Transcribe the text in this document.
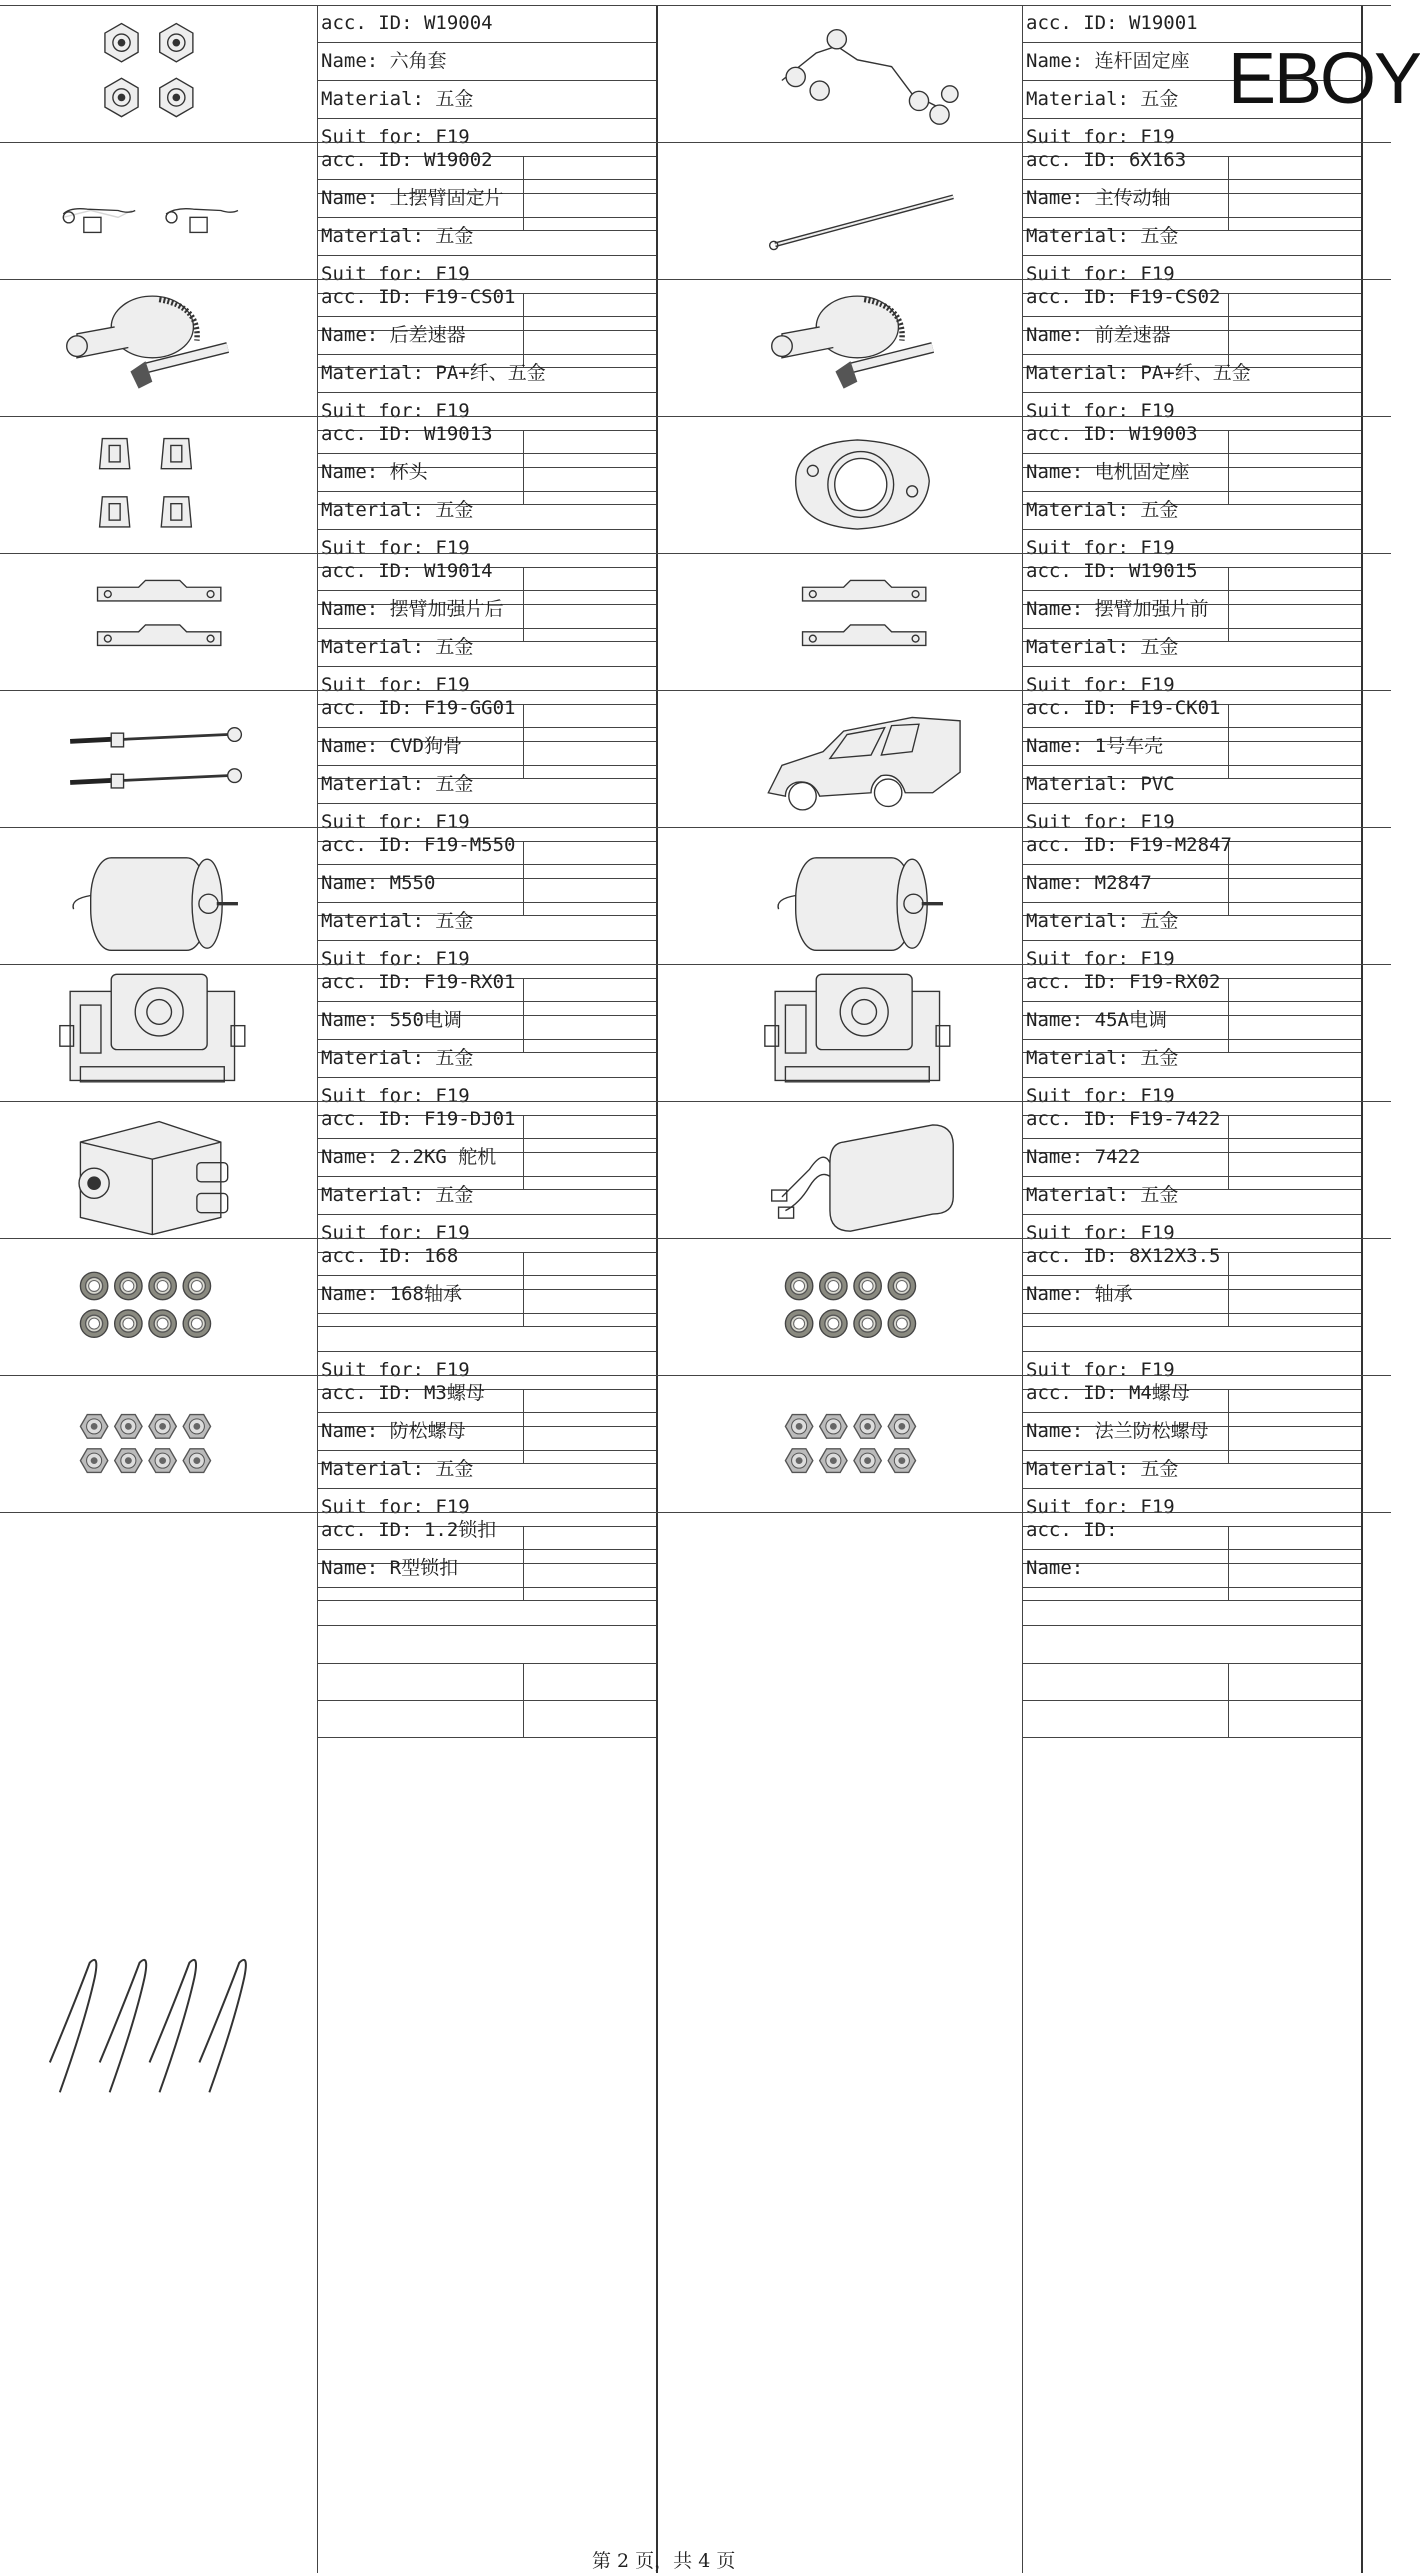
acc. ID: W19004
Name: 六角套
Material: 五金
Suit for: F19
acc. ID: W19001
Name: 连杆固定座
Material: 五金
Suit for: F19
acc. ID: W19002
Name: 上摆臂固定片
Material: 五金
Suit for: F19
acc. ID: 6X163
Name: 主传动轴
Material: 五金
Suit for: F19
acc. ID: F19-CS01
Name: 后差速器
Material: PA+纤、五金
Suit for: F19
acc. ID: F19-CS02
Name: 前差速器
Material: PA+纤、五金
Suit for: F19
acc. ID: W19013
Name: 杯头
Material: 五金
Suit for: F19
acc. ID: W19003
Name: 电机固定座
Material: 五金
Suit for: F19
acc. ID: W19014
Name: 摆臂加强片后
Material: 五金
Suit for: F19
acc. ID: W19015
Name: 摆臂加强片前
Material: 五金
Suit for: F19
acc. ID: F19-GG01
Name: CVD狗骨
Material: 五金
Suit for: F19
acc. ID: F19-CK01
Name: 1号车壳
Material: PVC
Suit for: F19
acc. ID: F19-M550
Name: M550
Material: 五金
Suit for: F19
acc. ID: F19-M2847
Name: M2847
Material: 五金
Suit for: F19
acc. ID: F19-RX01
Name: 550电调
Material: 五金
Suit for: F19
acc. ID: F19-RX02
Name: 45A电调
Material: 五金
Suit for: F19
acc. ID: F19-DJ01
Name: 2.2KG 舵机
Material: 五金
Suit for: F19
acc. ID: F19-7422
Name: 7422
Material: 五金
Suit for: F19
acc. ID: 168
Name: 168轴承
Suit for: F19
acc. ID: 8X12X3.5
Name: 轴承
Suit for: F19
acc. ID: M3螺母
Name: 防松螺母
Material: 五金
Suit for: F19
acc. ID: M4螺母
Name: 法兰防松螺母
Material: 五金
Suit for: F19
acc. ID: 1.2锁扣
Name: R型锁扣
acc. ID:
Name:
EBOY
第 2 页，共 4 页
